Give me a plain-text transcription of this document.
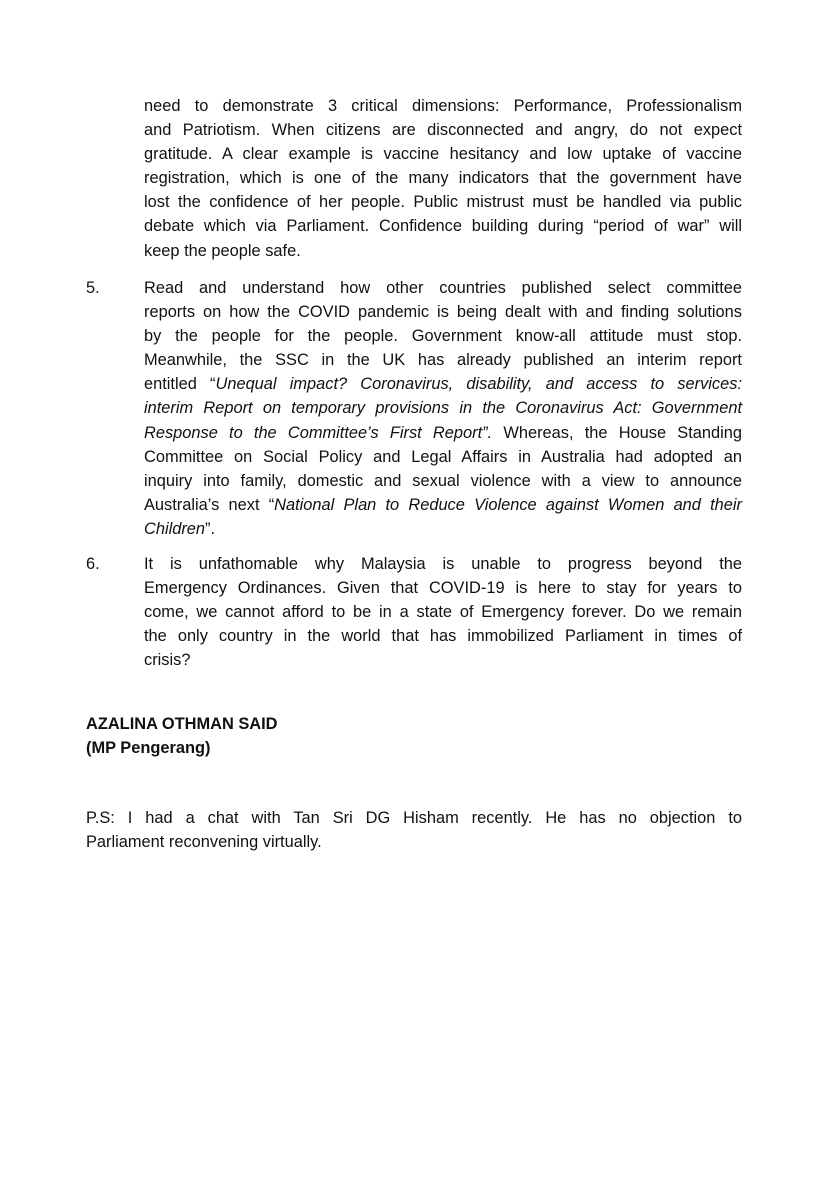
need to demonstrate 3 critical dimensions: Performance, Professionalism
and Patriotism. When citizens are disconnected and angry, do not expect
gratitude. A clear example is vaccine hesitancy and low uptake of vaccine
registration, which is one of the many indicators that the government have
lost the confidence of her people. Public mistrust must be handled via public
debate which via Parliament. Confidence building during “period of war” will
keep the people safe.
5.	Read and understand how other countries published select committee
reports on how the COVID pandemic is being dealt with and finding solutions
by the people for the people. Government know-all attitude must stop.
Meanwhile, the SSC in the UK has already published an interim report
entitled “Unequal impact? Coronavirus, disability, and access to services:
interim Report on temporary provisions in the Coronavirus Act: Government
Response to the Committee’s First Report”. Whereas, the House Standing
Committee on Social Policy and Legal Affairs in Australia had adopted an
inquiry into family, domestic and sexual violence with a view to announce
Australia’s next “National Plan to Reduce Violence against Women and their
Children”.
6.	It is unfathomable why Malaysia is unable to progress beyond the
Emergency Ordinances. Given that COVID-19 is here to stay for years to
come, we cannot afford to be in a state of Emergency forever. Do we remain
the only country in the world that has immobilized Parliament in times of
crisis?
AZALINA OTHMAN SAID
(MP Pengerang)
P.S: I had a chat with Tan Sri DG Hisham recently. He has no objection to
Parliament reconvening virtually.
